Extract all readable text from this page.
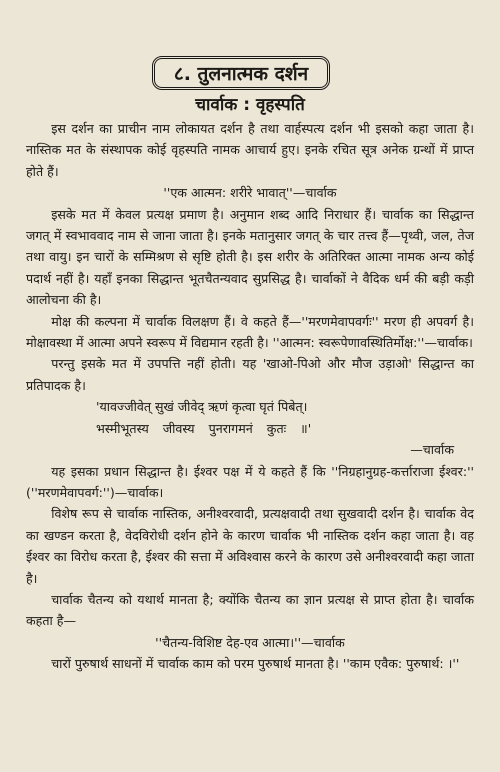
८. तुलनात्मक दर्शन
चार्वाक : वृहस्पति

इस दर्शन का प्राचीन नाम लोकायत दर्शन है तथा वार्हस्पत्य दर्शन भी इसको कहा जाता है। नास्तिक मत के संस्थापक कोई वृहस्पति नामक आचार्य हुए। इनके रचित सूत्र अनेक ग्रन्थों में प्राप्त होते हैं।

''एक आत्मन: शरीरे भावात्''—चार्वाक

इसके मत में केवल प्रत्यक्ष प्रमाण है। अनुमान शब्द आदि निराधार हैं। चार्वाक का सिद्धान्त जगत् में स्वभाववाद नाम से जाना जाता है। इनके मतानुसार जगत् के चार तत्त्व हैं—पृथ्वी, जल, तेज तथा वायु। इन चारों के सम्मिश्रण से सृष्टि होती है। इस शरीर के अतिरिक्त आत्मा नामक अन्य कोई पदार्थ नहीं है। यहाँ इनका सिद्धान्त भूतचैतन्यवाद सुप्रसिद्ध है। चार्वाकों ने वैदिक धर्म की बड़ी कड़ी आलोचना की है।

मोक्ष की कल्पना में चार्वाक विलक्षण हैं। वे कहते हैं—''मरणमेवापवर्गः'' मरण ही अपवर्ग है। मोक्षावस्था में आत्मा अपने स्वरूप में विद्यमान रहती है। ''आत्मन: स्वरूपेणावस्थितिर्मोक्ष:''—चार्वाक।

परन्तु इसके मत में उपपत्ति नहीं होती। यह 'खाओ-पिओ और मौज उड़ाओ' सिद्धान्त का प्रतिपादक है।

'यावज्जीवेत् सुखं जीवेद् ऋणं कृत्वा घृतं पिबेत्।

भस्मीभूतस्य जीवस्य पुनरागमनं कुतः ॥'

—चार्वाक

यह इसका प्रधान सिद्धान्त है। ईश्वर पक्ष में ये कहते हैं कि ''निग्रहानुग्रह-कर्त्ताराजा ईश्वर:'' (''मरणमेवापवर्ग:'')—चार्वाक।

विशेष रूप से चार्वाक नास्तिक, अनीश्वरवादी, प्रत्यक्षवादी तथा सुखवादी दर्शन है। चार्वाक वेद का खण्डन करता है, वेदविरोधी दर्शन होने के कारण चार्वाक भी नास्तिक दर्शन कहा जाता है। वह ईश्वर का विरोध करता है, ईश्वर की सत्ता में अविश्वास करने के कारण उसे अनीश्वरवादी कहा जाता है।

चार्वाक चैतन्य को यथार्थ मानता है; क्योंकि चैतन्य का ज्ञान प्रत्यक्ष से प्राप्त होता है। चार्वाक कहता है—

''चैतन्य-विशिष्ट देह-एव आत्मा।''—चार्वाक

चारों पुरुषार्थ साधनों में चार्वाक काम को परम पुरुषार्थ मानता है। ''काम एवैक: पुरुषार्थ: ।''
